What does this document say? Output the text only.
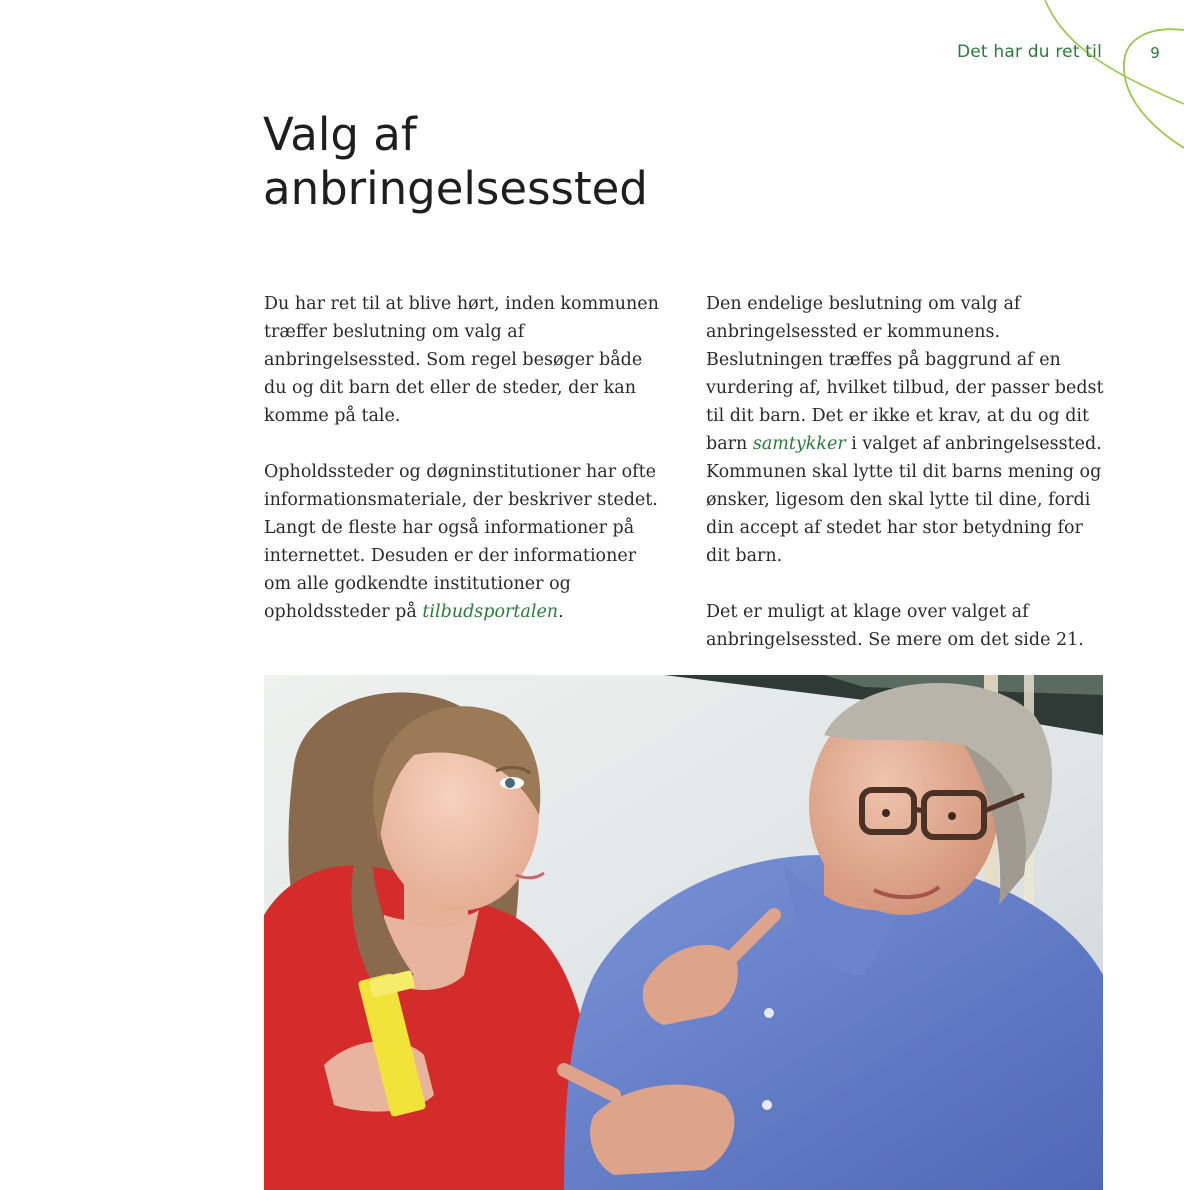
Det har du ret til	9
Valg af
anbringelsessted

Du har ret til at blive hørt, inden kommunen træffer beslutning om valg af anbringelsessted. Som regel besøger både du og dit barn det eller de steder, der kan komme på tale.

Opholdssteder og døgninstitutioner har ofte informationsmateriale, der beskriver stedet. Langt de fleste har også informationer på internettet. Desuden er der informationer om alle godkendte institutioner og opholdssteder på tilbudsportalen.

Den endelige beslutning om valg af anbringelsessted er kommunens. Beslutningen træffes på baggrund af en vurdering af, hvilket tilbud, der passer bedst til dit barn. Det er ikke et krav, at du og dit barn samtykker i valget af anbringelsessted. Kommunen skal lytte til dit barns mening og ønsker, ligesom den skal lytte til dine, fordi din accept af stedet har stor betydning for dit barn.

Det er muligt at klage over valget af anbringelsessted. Se mere om det side 21.
